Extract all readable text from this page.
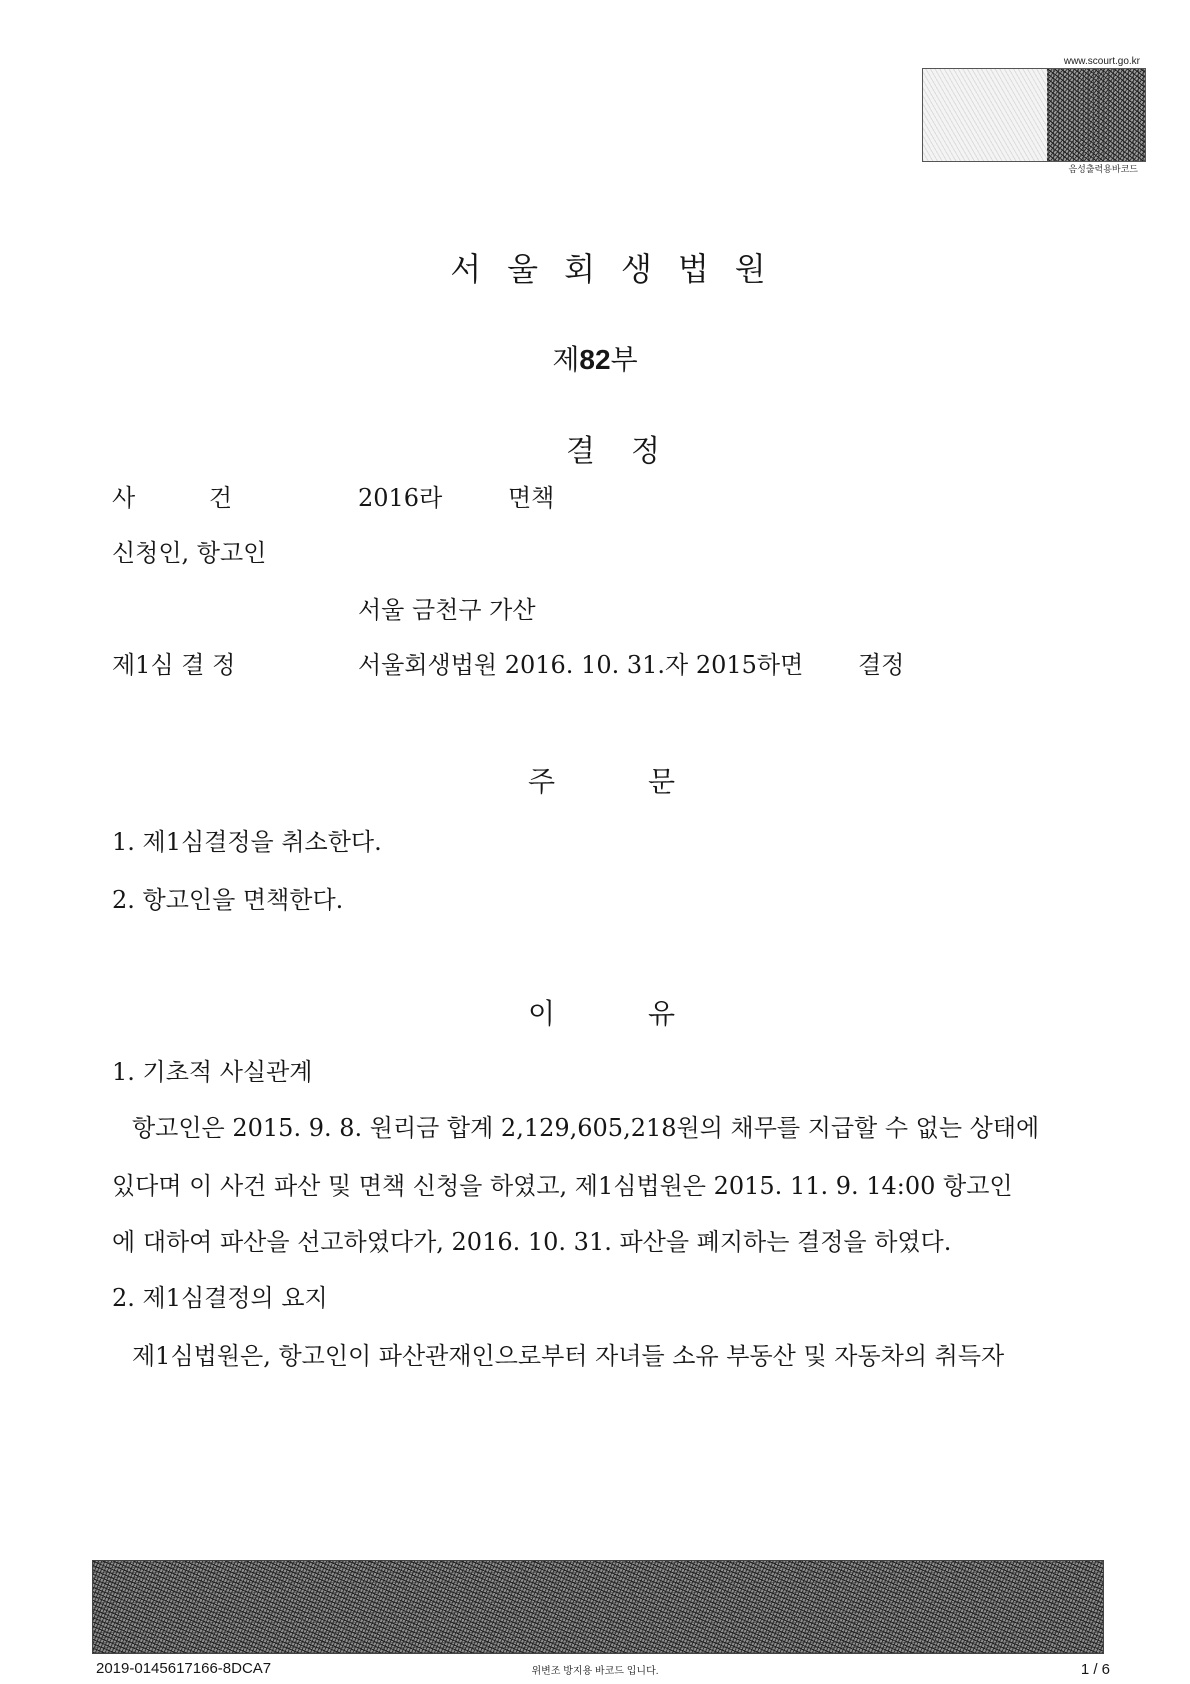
www.scourt.go.kr
음성출력용바코드
서울회생법원
제82부
결정
사	건	2016라	면책
신청인, 항고인
서울 금천구 가산
제1심 결 정	서울회생법원 2016. 10. 31.자 2015하면 결정
주	문
1. 제1심결정을 취소한다.
2. 항고인을 면책한다.
이	유
1. 기초적 사실관계
항고인은 2015. 9. 8. 원리금 합계 2,129,605,218원의 채무를 지급할 수 없는 상태에
있다며 이 사건 파산 및 면책 신청을 하였고, 제1심법원은 2015. 11. 9. 14:00 항고인
에 대하여 파산을 선고하였다가, 2016. 10. 31. 파산을 폐지하는 결정을 하였다.
2. 제1심결정의 요지
제1심법원은, 항고인이 파산관재인으로부터 자녀들 소유 부동산 및 자동차의 취득자
2019-0145617166-8DCA7	위변조 방지용 바코드 입니다.	1 / 6
